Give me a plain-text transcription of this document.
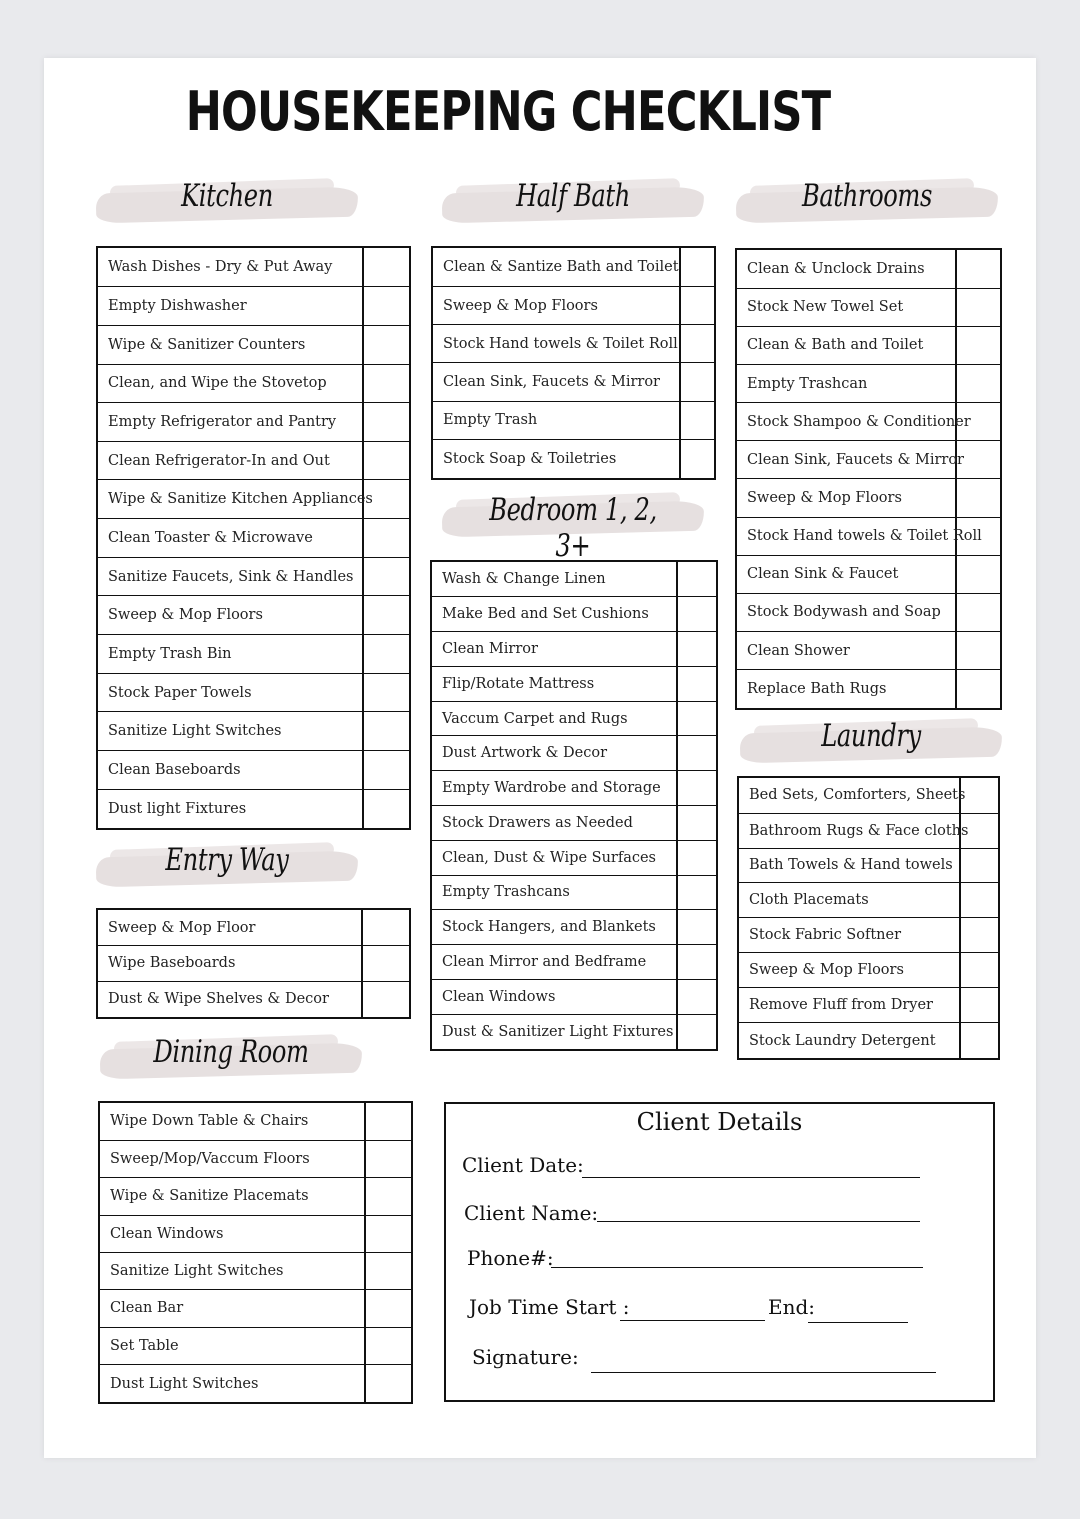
HOUSEKEEPING CHECKLIST
Kitchen	Half Bath	Bathrooms
Bedroom 1, 2, 3+
Laundry
Entry Way
Dining Room
Wash Dishes - Dry & Put Away	
Empty Dishwasher	
Wipe & Sanitizer Counters	
Clean, and Wipe the Stovetop	
Empty Refrigerator and Pantry	
Clean Refrigerator-In and Out	
Wipe & Sanitize Kitchen Appliances	
Clean Toaster & Microwave	
Sanitize Faucets, Sink & Handles	
Sweep & Mop Floors	
Empty Trash Bin	
Stock Paper Towels	
Sanitize Light Switches	
Clean Baseboards	
Dust light Fixtures	
Clean & Santize Bath and Toilet	
Sweep & Mop Floors	
Stock Hand towels & Toilet Roll	
Clean Sink, Faucets & Mirror	
Empty Trash	
Stock Soap & Toiletries	
Clean & Unclock Drains	
Stock New Towel Set	
Clean & Bath and Toilet	
Empty Trashcan	
Stock Shampoo & Conditioner	
Clean Sink, Faucets & Mirror	
Sweep & Mop Floors	
Stock Hand towels & Toilet Roll	
Clean Sink & Faucet	
Stock Bodywash and Soap	
Clean Shower	
Replace Bath Rugs	
Wash & Change Linen	
Make Bed and Set Cushions	
Clean Mirror	
Flip/Rotate Mattress	
Vaccum Carpet and Rugs	
Dust Artwork & Decor	
Empty Wardrobe and Storage	
Stock Drawers as Needed	
Clean, Dust & Wipe Surfaces	
Empty Trashcans	
Stock Hangers, and Blankets	
Clean Mirror and Bedframe	
Clean Windows	
Dust & Sanitizer Light Fixtures	
Bed Sets, Comforters, Sheets	
Bathroom Rugs & Face cloths	
Bath Towels & Hand towels	
Cloth Placemats	
Stock Fabric Softner	
Sweep & Mop Floors	
Remove Fluff from Dryer	
Stock Laundry Detergent	
Sweep & Mop Floor	
Wipe Baseboards	
Dust & Wipe Shelves & Decor	
Wipe Down Table & Chairs	
Sweep/Mop/Vaccum Floors	
Wipe & Sanitize Placemats	
Clean Windows	
Sanitize Light Switches	
Clean Bar	
Set Table	
Dust Light Switches	
Client Details
Client Date:
Client Name:
Phone#:
Job Time Start :	End:
Signature:
